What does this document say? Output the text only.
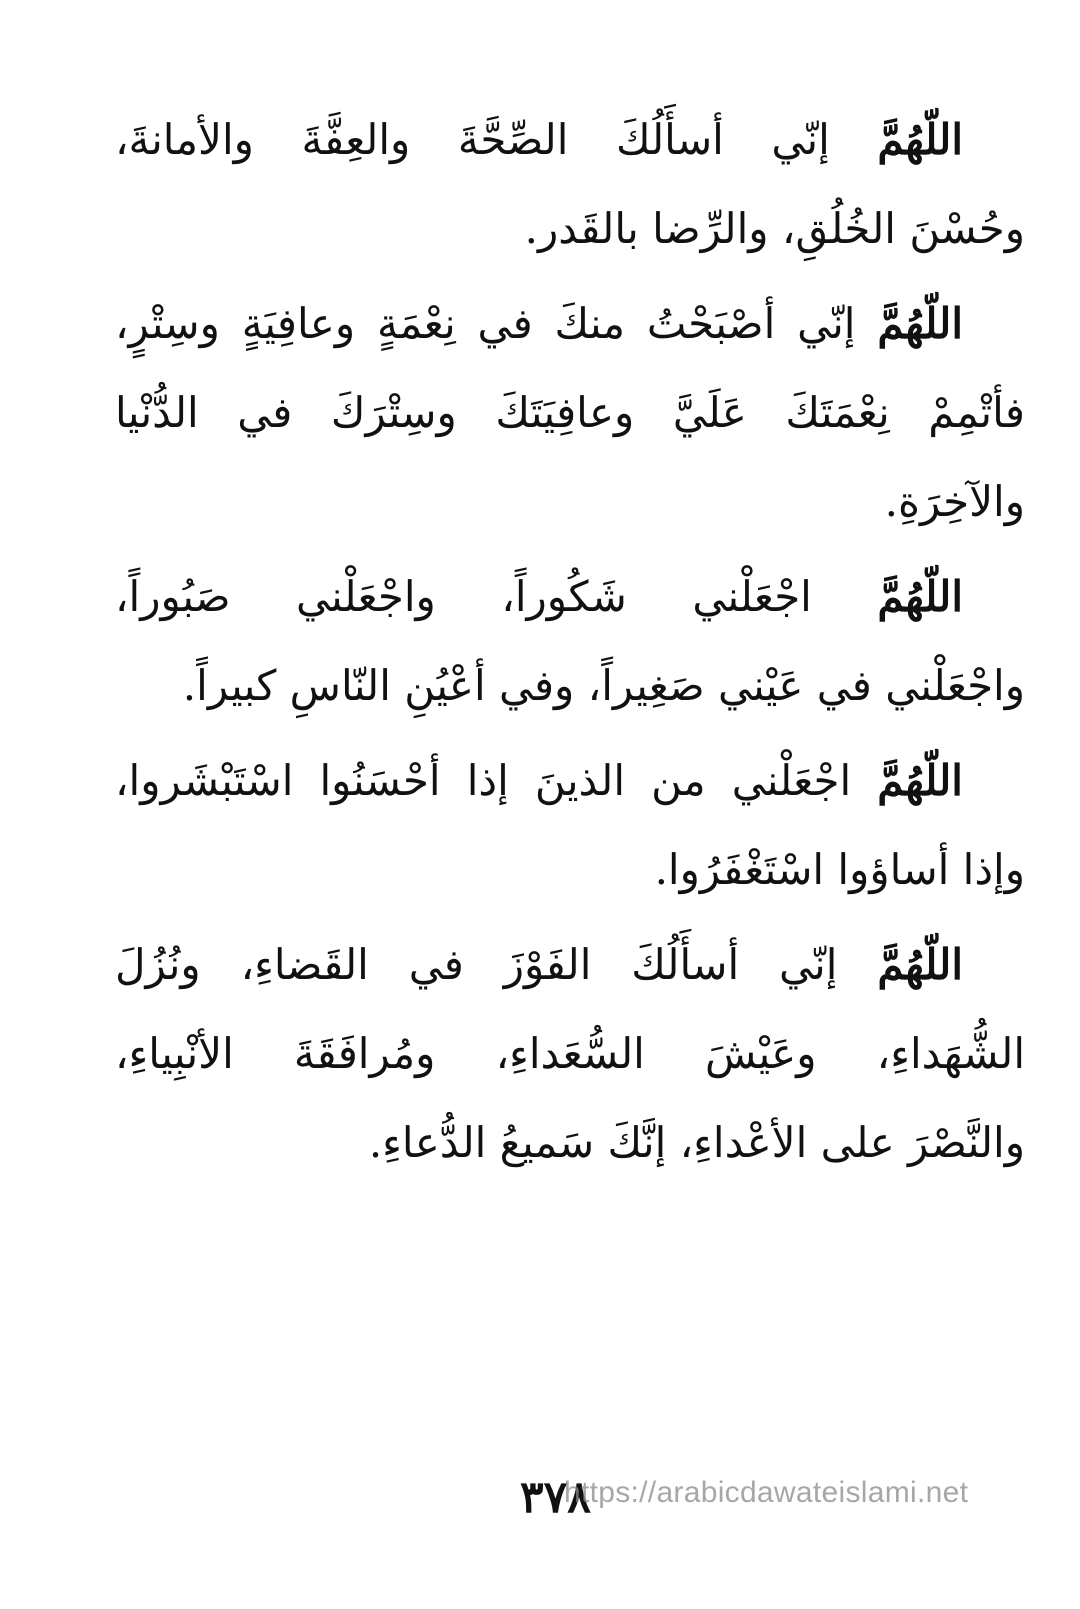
اللّهُمَّ إنّي أسأَلُكَ الصِّحَّةَ والعِفَّةَ والأمانةَ،
وحُسْنَ الخُلُقِ، والرِّضا بالقَدر.

اللّهُمَّ إنّي أصْبَحْتُ منكَ في نِعْمَةٍ وعافِيَةٍ وسِتْرٍ،
فأتْمِمْ نِعْمَتَكَ عَلَيَّ وعافِيَتَكَ وسِتْرَكَ في الدُّنْيا
والآخِرَةِ.

اللّهُمَّ اجْعَلْني شَكُوراً، واجْعَلْني صَبُوراً،
واجْعَلْني في عَيْني صَغِيراً، وفي أعْيُنِ النّاسِ كبيراً.

اللّهُمَّ اجْعَلْني من الذينَ إذا أحْسَنُوا اسْتَبْشَروا،
وإذا أساؤوا اسْتَغْفَرُوا.

اللّهُمَّ إنّي أسأَلُكَ الفَوْزَ في القَضاءِ، ونُزُلَ
الشُّهَداءِ، وعَيْشَ السُّعَداءِ، ومُرافَقَةَ الأنْبِياءِ،
والنَّصْرَ على الأعْداءِ، إنَّكَ سَميعُ الدُّعاءِ.

٣٧٨
https://arabicdawateislami.net
